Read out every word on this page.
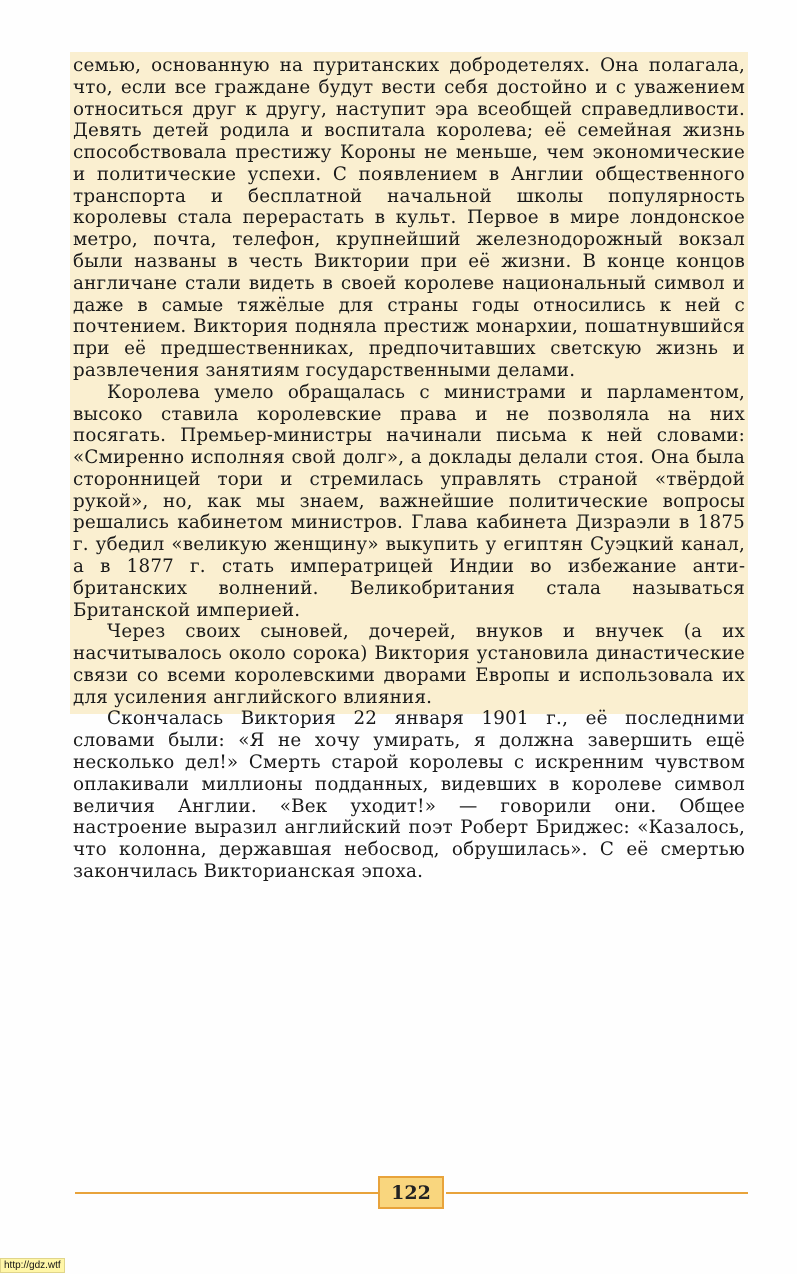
семью, основанную на пуританских добродетелях. Она полагала, что, если все граждане будут вести себя достойно и с уважением относиться друг к другу, наступит эра всеобщей справедливости. Девять детей родила и воспитала королева; её семейная жизнь способствовала престижу Короны не меньше, чем экономические и политические успехи. С появлением в Англии общественного транспорта и бесплатной начальной школы популярность королевы стала перерастать в культ. Первое в мире лондонское метро, почта, телефон, крупнейший железнодорожный вокзал были названы в честь Виктории при её жизни. В конце концов англичане стали видеть в своей королеве национальный символ и даже в самые тяжёлые для страны годы относились к ней с почтением. Виктория подняла престиж монархии, пошатнувшийся при её предшественниках, предпочитавших светскую жизнь и развлечения занятиям государственными делами.

Королева умело обращалась с министрами и парламентом, высоко ставила королевские права и не позволяла на них посягать. Премьер-министры начинали письма к ней словами: «Смиренно исполняя свой долг», а доклады делали стоя. Она была сторонницей тори и стремилась управлять страной «твёрдой рукой», но, как мы знаем, важнейшие политические вопросы решались кабинетом министров. Глава кабинета Дизраэли в 1875 г. убедил «великую женщину» выкупить у египтян Суэцкий канал, а в 1877 г. стать императрицей Индии во избежание антибританских волнений. Великобритания стала называться Британской империей.

Через своих сыновей, дочерей, внуков и внучек (а их насчитывалось около сорока) Виктория установила династические связи со всеми королевскими дворами Европы и использовала их для усиления английского влияния.

Скончалась Виктория 22 января 1901 г., её последними словами были: «Я не хочу умирать, я должна завершить ещё несколько дел!» Смерть старой королевы с искренним чувством оплакивали миллионы подданных, видевших в королеве символ величия Англии. «Век уходит!» — говорили они. Общее настроение выразил английский поэт Роберт Бриджес: «Казалось, что колонна, державшая небосвод, обрушилась». С её смертью закончилась Викторианская эпоха.

122
http://gdz.wtf
